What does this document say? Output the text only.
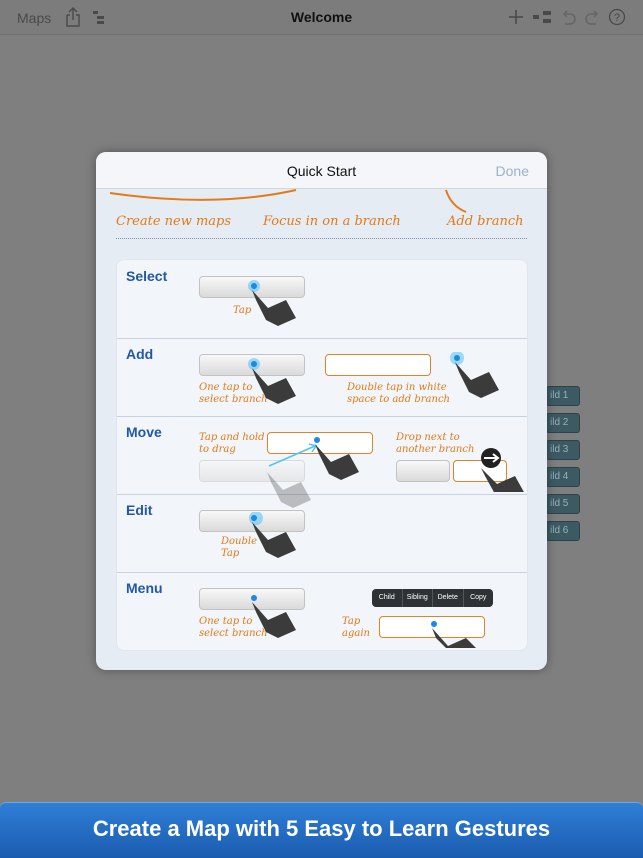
Maps	Welcome	?
ild 1
ild 2
ild 3
ild 4
ild 5
ild 6
Quick Start	Done
Create new maps Focus in on a branch	Add branch
Select
Tap
Add
One tap to select branch
Double tap in white space to add branch
Move	Tap and hold to drag
Drop next to another branch
Edit
Double Tap
Menu
One tap to select branch
Tap again
Child	Sibling	Delete	Copy
Create a Map with 5 Easy to Learn Gestures
